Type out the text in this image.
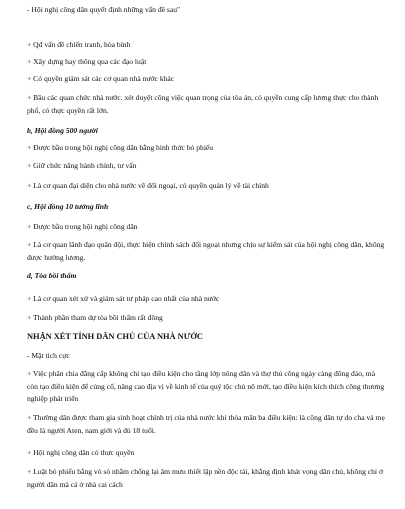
- Hội nghị công dân quyết định những vấn đề sau"
+ Qđ vấn đề chiến tranh, hòa bình
+ Xây dựng hay thông qua các đạo luật
+ Có quyền giám sát các cơ quan nhà nước khác
+ Bầu các quan chức nhà nước. xét duyệt công việc quan trọng của tòa án, có quyền cung cấp lương thực cho thành phố, có thực quyền rất lớn.
b, Hội đồng 500 người
+ Được bầu trong hội nghị công dân bằng hình thức bỏ phiếu
+ Giữ chức năng hành chính, tư vấn
+ Là cơ quan đại diện cho nhà nước về đối ngoại, có quyền quản lý về tài chính
c, Hội đồng 10 tướng lĩnh
+ Được bầu trong hội nghị công dân
+ Là cơ quan lãnh đạo quân đội, thực hiện chính sách đối ngoại nhưng chịu sự kiểm sát của hội nghị công dân, không được hưởng lương.
d, Tòa bồi thẩm
+ Là cơ quan xét xử và giám sát tư pháp cao nhất của nhà nước
+ Thành phần tham dự tòa bồi thẩm rất đông
NHẬN XÉT TÍNH DÂN CHỦ CỦA NHÀ NƯỚC
- Mặt tích cực
+ Việc phân chia đẳng cấp không chỉ tạo điều kiện cho tầng lớp nông dân và thợ thủ công ngày càng đông đảo, mà còn tạo điều kiện để củng cố, nâng cao địa vị về kinh tế của quý tộc chủ nô mới, tạo điều kiện kích thích công thương nghiệp phát triển
+ Thường dân được tham gia sinh hoạt chính trị của nhà nước khi thỏa mãn ba điều kiện: là công dân tự do cha và mẹ đều là người Aten, nam giới và đủ 18 tuổi.
+ Hội nghị công dân có thực quyền
+ Luật bỏ phiếu bằng vỏ sò nhằm chống lại âm mưu thiết lập nền độc tài, khẳng định khát vọng dân chủ, không chỉ ở người dân mà cả ở nhà cai cách
